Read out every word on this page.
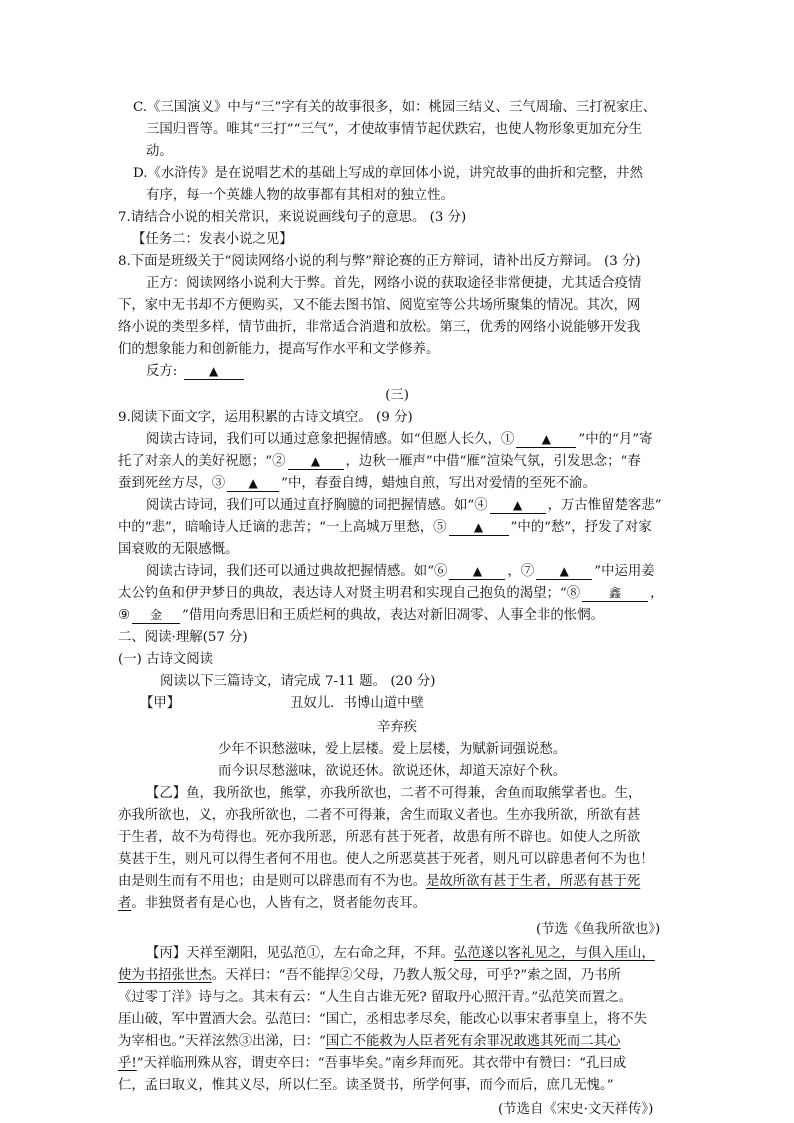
C.《三国演义》中与“三”字有关的故事很多，如：桃园三结义、三气周瑜、三打祝家庄、
三国归晋等。唯其“三打”“三气”，才使故事情节起伏跌宕，也使人物形象更加充分生
动。
D.《水浒传》是在说唱艺术的基础上写成的章回体小说，讲究故事的曲折和完整，井然
有序，每一个英雄人物的故事都有其相对的独立性。
7.请结合小说的相关常识，来说说画线句子的意思。 (3 分)
【任务二：发表小说之见】
8.下面是班级关于“阅读网络小说的利与弊”辩论赛的正方辩词，请补出反方辩词。 (3 分)
正方：阅读网络小说利大于弊。首先，网络小说的获取途径非常便捷，尤其适合疫情
下，家中无书却不方便购买，又不能去图书馆、阅览室等公共场所聚集的情况。其次，网
络小说的类型多样，情节曲折，非常适合消遣和放松。第三，优秀的网络小说能够开发我
们的想象能力和创新能力，提高写作水平和文学修养。
反方:	▲
(三)
9.阅读下面文字，运用积累的古诗文填空。 (9 分)
阅读古诗词，我们可以通过意象把握情感。如“但愿人长久，① ▲ ”中的“月”寄
托了对亲人的美好祝愿；“② ▲ ，边秋一雁声”中借“雁”渲染气氛，引发思念；“春
蚕到死丝方尽，③ ▲ ”中，春蚕自缚，蜡烛自煎，写出对爱情的至死不渝。
阅读古诗词，我们可以通过直抒胸臆的词把握情感。如“④ ▲ ，万古惟留楚客悲”
中的“悲”，暗喻诗人迁谪的悲苦；“一上高城万里愁，⑤ ▲ ”中的“愁”，抒发了对家
国衰败的无限感慨。
阅读古诗词，我们还可以通过典故把握情感。如“⑥ ▲ ，⑦ ▲ ”中运用姜
太公钓鱼和伊尹梦日的典故，表达诗人对贤主明君和实现自己抱负的渴望；“⑧ 鑫 ，
⑨ 金 ”借用向秀思旧和王质烂柯的典故，表达对新旧凋零、人事全非的怅惘。
二、阅读·理解(57 分)
(一) 古诗文阅读
阅读以下三篇诗文，请完成 7-11 题。 (20 分)
【甲】	丑奴儿．书博山道中壁
辛弃疾
少年不识愁滋味，爱上层楼。爱上层楼，为赋新词强说愁。
而今识尽愁滋味，欲说还休。欲说还休，却道天凉好个秋。
【乙】鱼，我所欲也，熊掌，亦我所欲也，二者不可得兼，舍鱼而取熊掌者也。生，
亦我所欲也，义，亦我所欲也，二者不可得兼，舍生而取义者也。生亦我所欲，所欲有甚
于生者，故不为苟得也。死亦我所恶，所恶有甚于死者，故患有所不辟也。如使人之所欲
莫甚于生，则凡可以得生者何不用也。使人之所恶莫甚于死者，则凡可以辟患者何不为也！
由是则生而有不用也；由是则可以辟患而有不为也。是故所欲有甚于生者，所恶有甚于死
者。非独贤者有是心也，人皆有之，贤者能勿丧耳。
(节选《鱼我所欲也》)
【丙】天祥至潮阳，见弘范①，左右命之拜，不拜。弘范遂以客礼见之，与俱入厓山，
使为书招张世杰。天祥曰：“吾不能捍②父母，乃教人叛父母，可乎?”索之固，乃书所
《过零丁洋》诗与之。其末有云：“人生自古谁无死? 留取丹心照汗青。”弘范笑而置之。
厓山破，军中置酒大会。弘范曰：“国亡，丞相忠孝尽矣，能改心以事宋者事皇上，将不失
为宰相也。”天祥泫然③出涕，曰：“国亡不能救为人臣者死有余罪况敢逃其死而二其心
乎!”天祥临刑殊从容，谓吏卒曰：“吾事毕矣。”南乡拜而死。其衣带中有赞曰：“孔曰成
仁，孟曰取义，惟其义尽，所以仁至。读圣贤书，所学何事，而今而后，庶几无愧。”
(节选自《宋史·文天祥传》)
